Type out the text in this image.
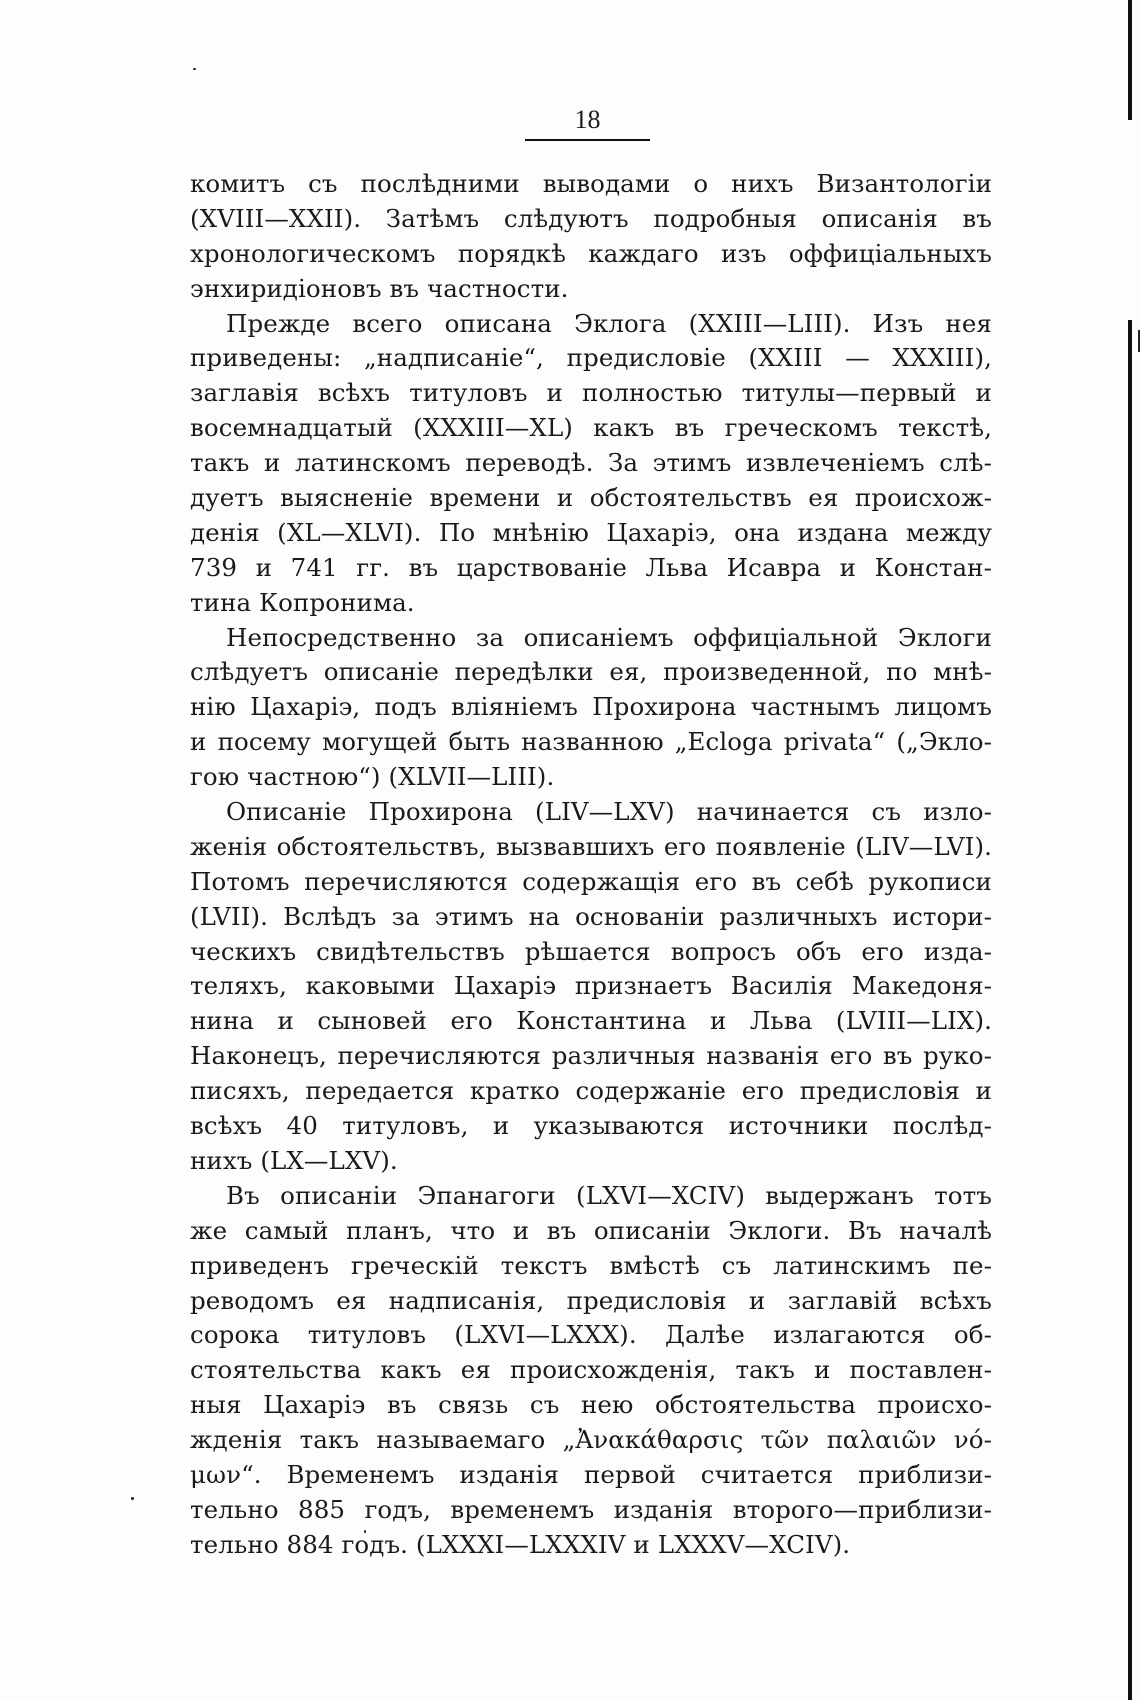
18

комитъ съ послѣдними выводами о нихъ Византологіи
(XVIII—XXII). Затѣмъ слѣдуютъ подробныя описанія въ
хронологическомъ порядкѣ каждаго изъ оффиціальныхъ
энхиридіоновъ въ частности.

Прежде всего описана Эклога (XXIII—LIII). Изъ нея
приведены: „надписаніе“, предисловіе (XXIII — XXXIII),
заглавія всѣхъ титуловъ и полностью титулы—первый и
восемнадцатый (XXXIII—XL) какъ въ греческомъ текстѣ,
такъ и латинскомъ переводѣ. За этимъ извлеченіемъ слѣ-
дуетъ выясненіе времени и обстоятельствъ ея происхож-
денія (XL—XLVI). По мнѣнію Цахаріэ, она издана между
739 и 741 гг. въ царствованіе Льва Исавра и Констан-
тина Копронима.

Непосредственно за описаніемъ оффиціальной Эклоги
слѣдуетъ описаніе передѣлки ея, произведенной, по мнѣ-
нію Цахаріэ, подъ вліяніемъ Прохирона частнымъ лицомъ
и посему могущей быть названною „Ecloga privata“ („Экло-
гою частною“) (XLVII—LIII).

Описаніе Прохирона (LIV—LXV) начинается съ изло-
женія обстоятельствъ, вызвавшихъ его появленіе (LIV—LVI).
Потомъ перечисляются содержащія его въ себѣ рукописи
(LVII). Вслѣдъ за этимъ на основаніи различныхъ истори-
ческихъ свидѣтельствъ рѣшается вопросъ объ его изда-
теляхъ, каковыми Цахаріэ признаетъ Василія Македоня-
нина и сыновей его Константина и Льва (LVIII—LIX).
Наконецъ, перечисляются различныя названія его въ руко-
писяхъ, передается кратко содержаніе его предисловія и
всѣхъ 40 титуловъ, и указываются источники послѣд-
нихъ (LX—LXV).

Въ описаніи Эпанагоги (LXVI—XCIV) выдержанъ тотъ
же самый планъ, что и въ описаніи Эклоги. Въ началѣ
приведенъ греческій текстъ вмѣстѣ съ латинскимъ пе-
реводомъ ея надписанія, предисловія и заглавій всѣхъ
сорока титуловъ (LXVI—LXXX). Далѣе излагаются об-
стоятельства какъ ея происхожденія, такъ и поставлен-
ныя Цахаріэ въ связь съ нею обстоятельства происхо-
жденія такъ называемаго „Ἀνακάθαρσις τῶν παλαιῶν νό-
μων“. Временемъ изданія первой считается приблизи-
тельно 885 годъ, временемъ изданія второго—приблизи-
тельно 884 годъ. (LXXXI—LXXXIV и LXXXV—XCIV).
